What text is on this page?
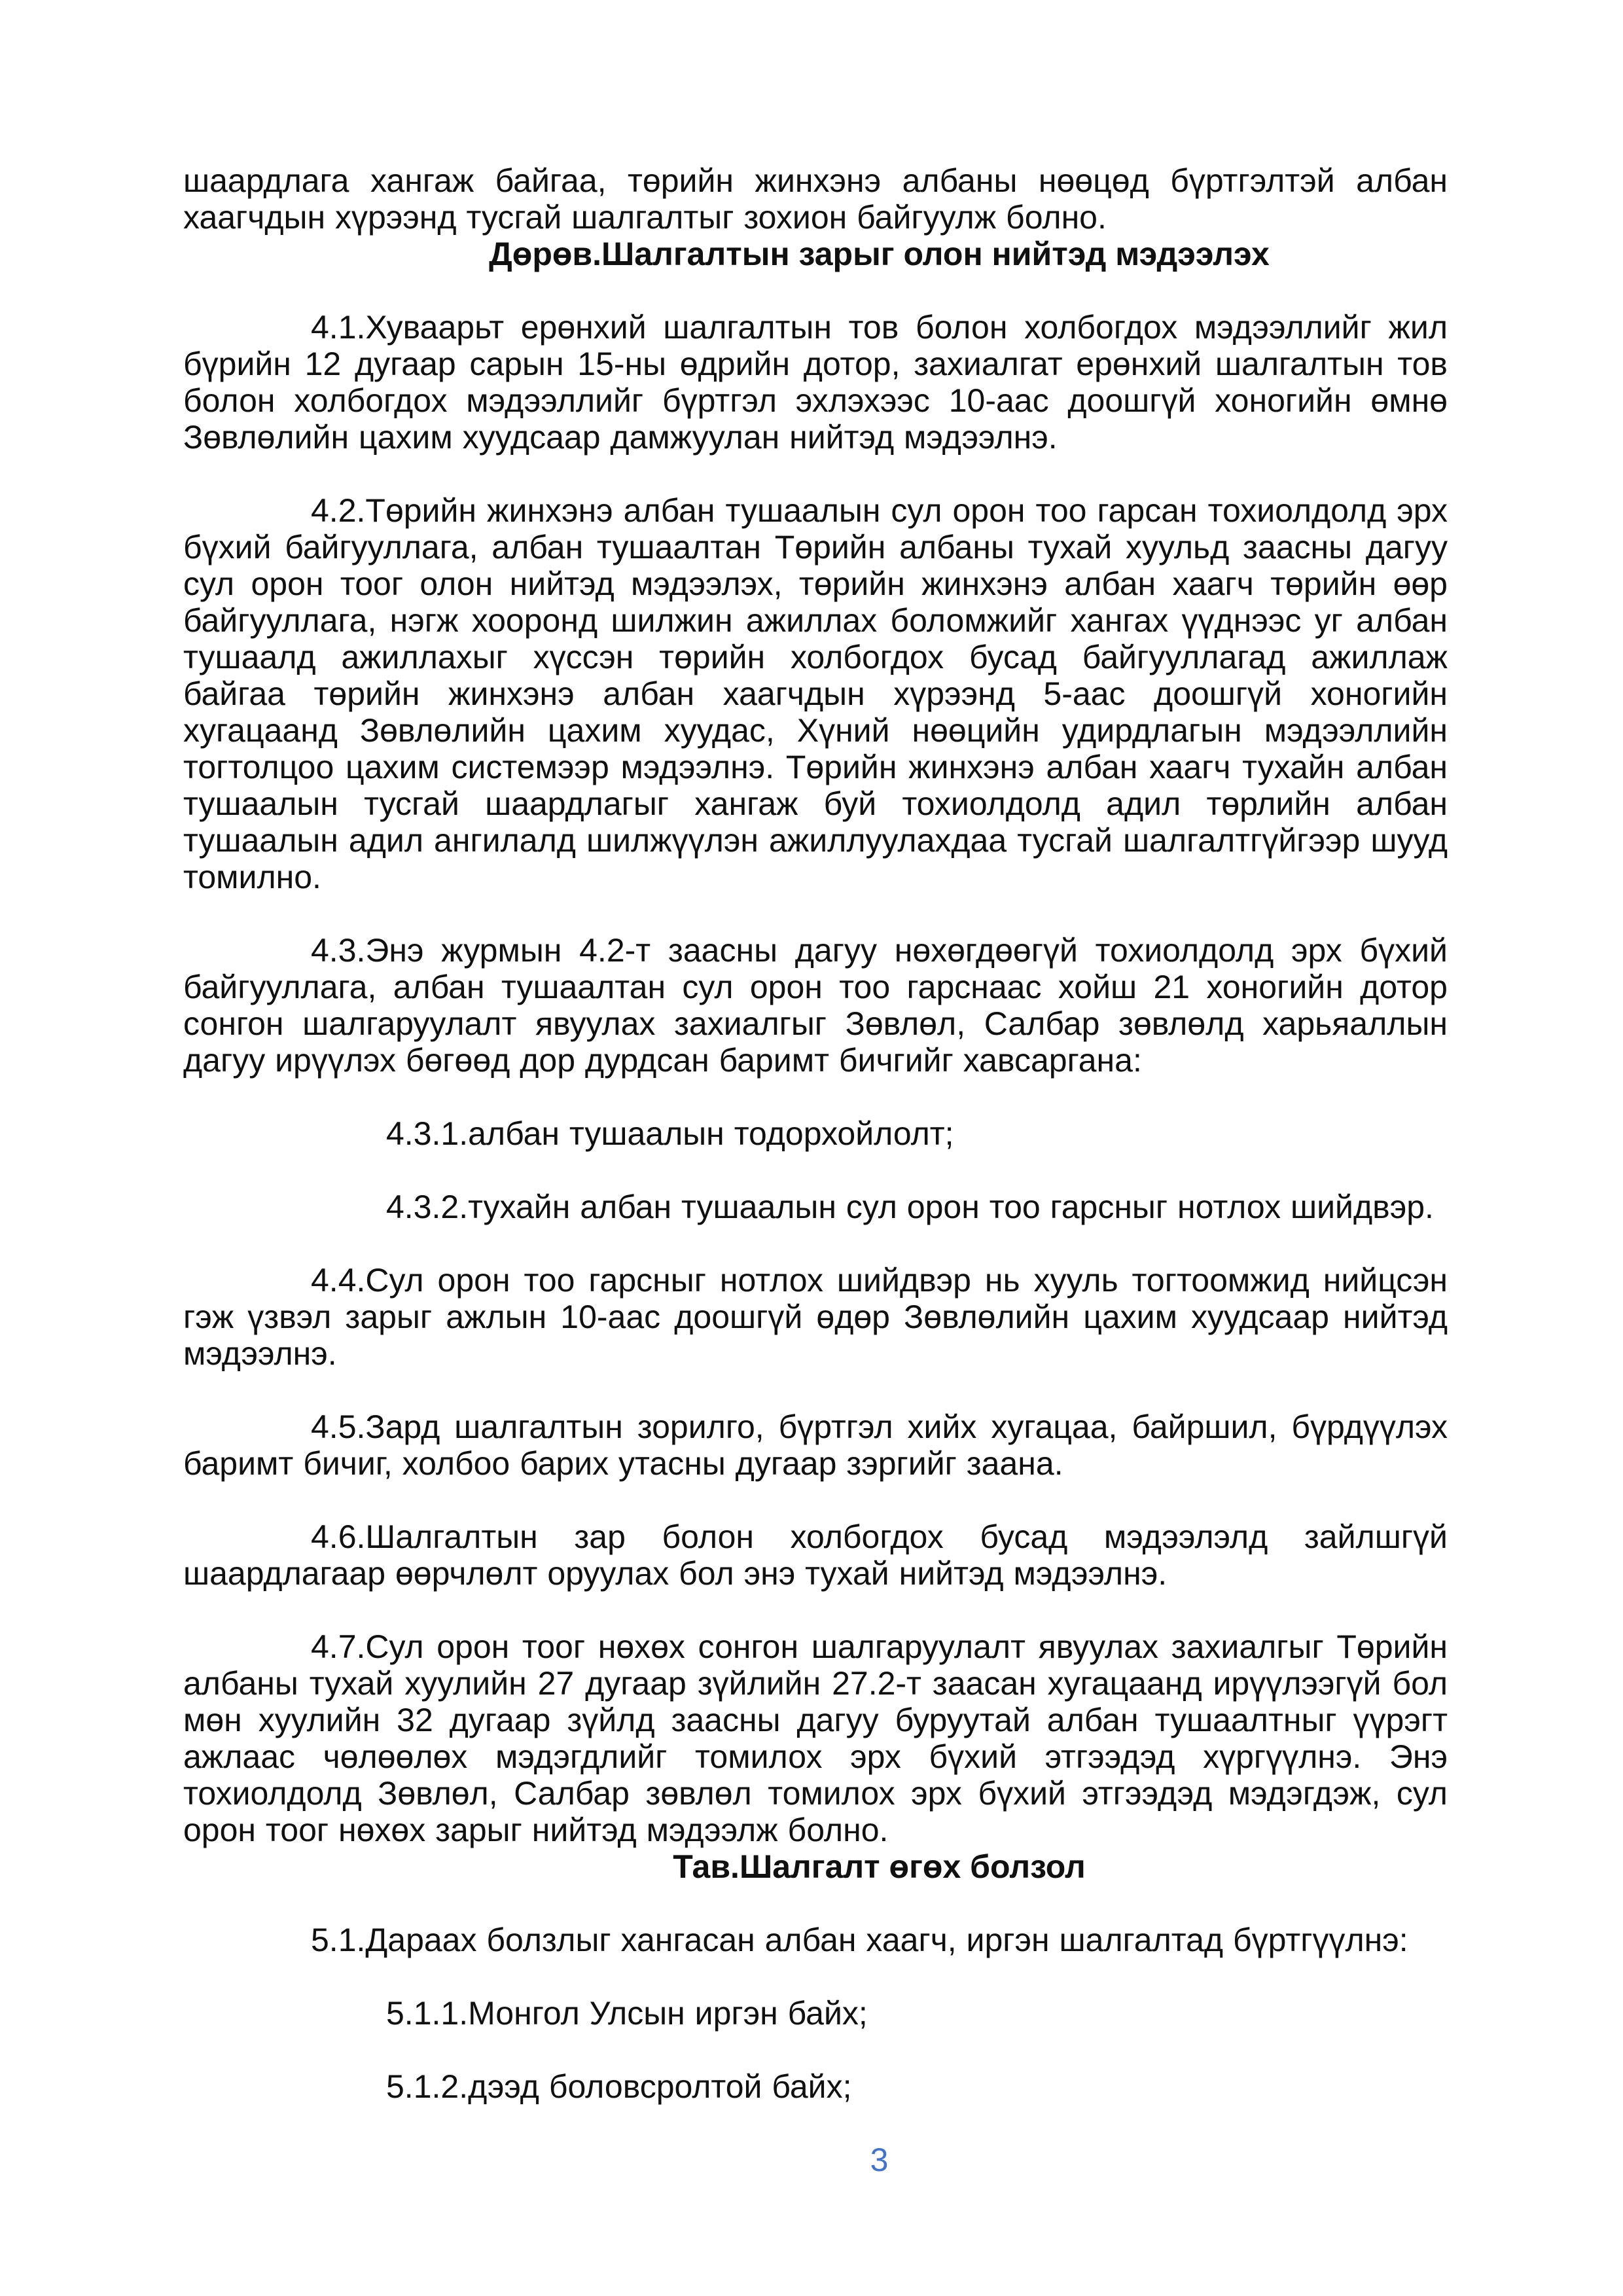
шаардлага хангаж байгаа, төрийн жинхэнэ албаны нөөцөд бүртгэлтэй албан хаагчдын хүрээнд тусгай шалгалтыг зохион байгуулж болно.

Дөрөв.Шалгалтын зарыг олон нийтэд мэдээлэх

4.1.Хуваарьт ерөнхий шалгалтын тов болон холбогдох мэдээллийг жил бүрийн 12 дугаар сарын 15-ны өдрийн дотор, захиалгат ерөнхий шалгалтын тов болон холбогдох мэдээллийг бүртгэл эхлэхээс 10-аас доошгүй хоногийн өмнө Зөвлөлийн цахим хуудсаар дамжуулан нийтэд мэдээлнэ.

4.2.Төрийн жинхэнэ албан тушаалын сул орон тоо гарсан тохиолдолд эрх бүхий байгууллага, албан тушаалтан Төрийн албаны тухай хуульд заасны дагуу сул орон тоог олон нийтэд мэдээлэх, төрийн жинхэнэ албан хаагч төрийн өөр байгууллага, нэгж хооронд шилжин ажиллах боломжийг хангах үүднээс уг албан тушаалд ажиллахыг хүссэн төрийн холбогдох бусад байгууллагад ажиллаж байгаа төрийн жинхэнэ албан хаагчдын хүрээнд 5-аас доошгүй хоногийн хугацаанд Зөвлөлийн цахим хуудас, Хүний нөөцийн удирдлагын мэдээллийн тогтолцоо цахим системээр мэдээлнэ. Төрийн жинхэнэ албан хаагч тухайн албан тушаалын тусгай шаардлагыг хангаж буй тохиолдолд адил төрлийн албан тушаалын адил ангилалд шилжүүлэн ажиллуулахдаа тусгай шалгалтгүйгээр шууд томилно.

4.3.Энэ журмын 4.2-т заасны дагуу нөхөгдөөгүй тохиолдолд эрх бүхий байгууллага, албан тушаалтан сул орон тоо гарснаас хойш 21 хоногийн дотор сонгон шалгаруулалт явуулах захиалгыг Зөвлөл, Салбар зөвлөлд харьяаллын дагуу ирүүлэх бөгөөд дор дурдсан баримт бичгийг хавсаргана:

4.3.1.албан тушаалын тодорхойлолт;

4.3.2.тухайн албан тушаалын сул орон тоо гарсныг нотлох шийдвэр.

4.4.Сул орон тоо гарсныг нотлох шийдвэр нь хууль тогтоомжид нийцсэн гэж үзвэл зарыг ажлын 10-аас доошгүй өдөр Зөвлөлийн цахим хуудсаар нийтэд мэдээлнэ.

4.5.Зард шалгалтын зорилго, бүртгэл хийх хугацаа, байршил, бүрдүүлэх баримт бичиг, холбоо барих утасны дугаар зэргийг заана.

4.6.Шалгалтын зар болон холбогдох бусад мэдээлэлд зайлшгүй шаардлагаар өөрчлөлт оруулах бол энэ тухай нийтэд мэдээлнэ.

4.7.Сул орон тоог нөхөх сонгон шалгаруулалт явуулах захиалгыг Төрийн албаны тухай хуулийн 27 дугаар зүйлийн 27.2-т заасан хугацаанд ирүүлээгүй бол мөн хуулийн 32 дугаар зүйлд заасны дагуу буруутай албан тушаалтныг үүрэгт ажлаас чөлөөлөх мэдэгдлийг томилох эрх бүхий этгээдэд хүргүүлнэ. Энэ тохиолдолд Зөвлөл, Салбар зөвлөл томилох эрх бүхий этгээдэд мэдэгдэж, сул орон тоог нөхөх зарыг нийтэд мэдээлж болно.

Тав.Шалгалт өгөх болзол

5.1.Дараах болзлыг хангасан албан хаагч, иргэн шалгалтад бүртгүүлнэ:

5.1.1.Монгол Улсын иргэн байх;

5.1.2.дээд боловсролтой байх;

3
